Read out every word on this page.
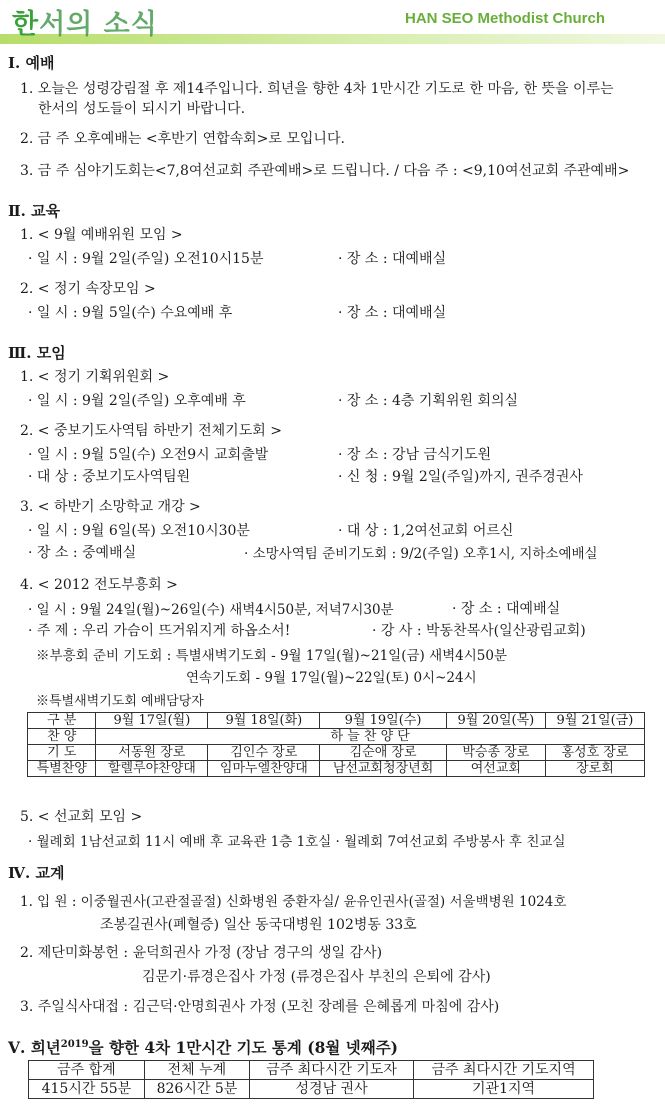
한서의 소식	HAN SEO Methodist Church
Ⅰ. 예배
1. 오늘은 성령강림절 후 제14주입니다. 희년을 향한 4차 1만시간 기도로 한 마음, 한 뜻을 이루는
한서의 성도들이 되시기 바랍니다.
2. 금 주 오후예배는 <후반기 연합속회>로 모입니다.
3. 금 주 심야기도회는<7,8여선교회 주관예배>로 드립니다. / 다음 주 : <9,10여선교회 주관예배>
Ⅱ. 교육
1. < 9월 예배위원 모임 >
· 일 시 : 9월 2일(주일) 오전10시15분	· 장 소 : 대예배실
2. < 정기 속장모임 >
· 일 시 : 9월 5일(수) 수요예배 후	· 장 소 : 대예배실
Ⅲ. 모임
1. < 정기 기획위원회 >
· 일 시 : 9월 2일(주일) 오후예배 후	· 장 소 : 4층 기획위원 회의실
2. < 중보기도사역팀 하반기 전체기도회 >
· 일 시 : 9월 5일(수) 오전9시 교회출발	· 장 소 : 강남 금식기도원
· 대 상 : 중보기도사역팀원	· 신 청 : 9월 2일(주일)까지, 권주경권사
3. < 하반기 소망학교 개강 >
· 일 시 : 9월 6일(목) 오전10시30분	· 대 상 : 1,2여선교회 어르신
· 장 소 : 중예배실	· 소망사역팀 준비기도회 : 9/2(주일) 오후1시, 지하소예배실
4. < 2012 전도부흥회 >
· 일 시 : 9월 24일(월)~26일(수) 새벽4시50분, 저녁7시30분	· 장 소 : 대예배실
· 주 제 : 우리 가슴이 뜨거워지게 하옵소서!	· 강 사 : 박동찬목사(일산광림교회)
※부흥회 준비 기도회 : 특별새벽기도회 - 9월 17일(월)~21일(금) 새벽4시50분
연속기도회 - 9월 17일(월)~22일(토) 0시~24시
※특별새벽기도회 예배담당자
구 분	9월 17일(월)	9월 18일(화)	9월 19일(수)	9월 20일(목)	9월 21일(금)
찬 양	하 늘 찬 양 단				
기 도	서동원 장로	김인수 장로	김순애 장로	박승종 장로	홍성호 장로
특별찬양	할렐루야찬양대	임마누엘찬양대	남선교회청장년회	여선교회	장로회
5. < 선교회 모임 >
· 월례회 1남선교회 11시 예배 후 교육관 1층 1호실 · 월례회 7여선교회 주방봉사 후 친교실
Ⅳ. 교계
1. 입 원 : 이중월권사(고관절골절) 신화병원 중환자실/ 윤유인권사(골절) 서울백병원 1024호
조봉길권사(폐혈증) 일산 동국대병원 102병동 33호
2. 제단미화봉헌 : 윤덕희권사 가정 (장남 경구의 생일 감사)
김문기·류경은집사 가정 (류경은집사 부친의 은퇴에 감사)
3. 주일식사대접 : 김근덕·안명희권사 가정 (모친 장례를 은혜롭게 마침에 감사)
Ⅴ. 희년$^{2019}$을 향한 4차 1만시간 기도 통계 (8월 넷째주)
금주 합계	전체 누계	금주 최다시간 기도자	금주 최다시간 기도지역
415시간 55분	826시간 5분	성경남 권사	기관1지역
